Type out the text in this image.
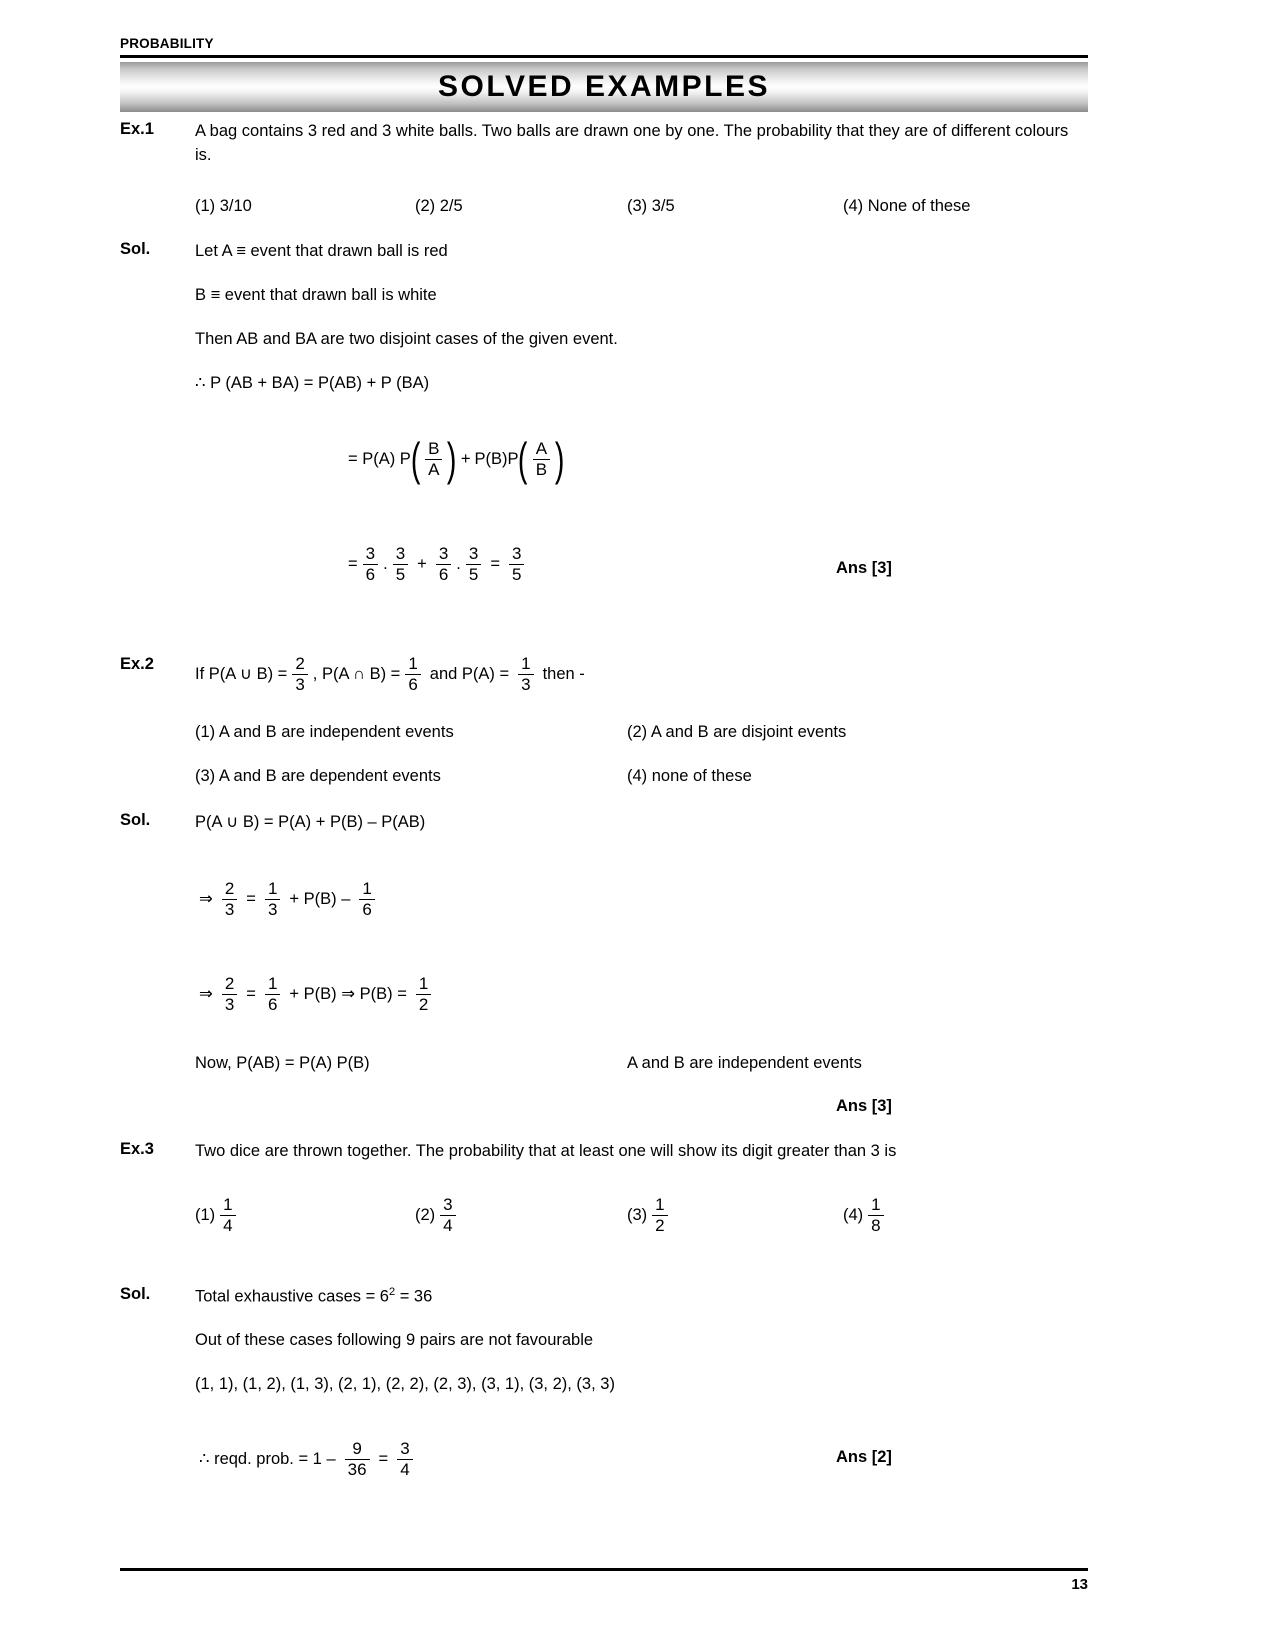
PROBABILITY
SOLVED EXAMPLES
Ex.1 A bag contains 3 red and 3 white balls. Two balls are drawn one by one. The probability that they are of different colours is.
(1) 3/10	(2) 2/5	(3) 3/5	(4) None of these
Sol.	Let A ≡ event that drawn ball is red
B ≡ event that drawn ball is white
Then AB and BA are two disjoint cases of the given event.
∴ P (AB + BA) = P(AB) + P (BA)
= P(A) P ( $\frac{B}{A}$ ) + P(B)P ( $\frac{A}{B}$ )
= $\frac{3}{6}$ . $\frac{3}{5} + \frac{3}{6}$ . $\frac{3}{5} = \frac{3}{5}$	Ans [3]
Ex.2
If P(A ∪ $B) = \frac{2}{3}$ , P(A ∩ $B) = \frac{1}{6}$ and $P(A) = \frac{1}{3}$ then -
(1) A and B are independent events	(2) A and B are disjoint events
(3) A and B are dependent events	(4) none of these
Sol.	P(A ∪ B) = P(A) + P(B) – P(AB)
⇒ $\frac{2}{3} = \frac{1}{3} + P(B) - \frac{1}{6}$
⇒ $\frac{2}{3} = \frac{1}{6} + P(B)$ ⇒ $P(B) = \frac{1}{2}$
Now, P(AB) = P(A) P(B)	A and B are independent events
Ans [3]
Ex.3 Two dice are thrown together. The probability that at least one will show its digit greater than 3 is
$(1) \frac{1}{4}$	$(2) \frac{3}{4}$	$(3) \frac{1}{2}$	$(4) \frac{1}{8}$
Sol.	Total exhaustive cases = $6^2 = 36$
Out of these cases following 9 pairs are not favourable
(1, 1), (1, 2), (1, 3), (2, 1), (2, 2), (2, 3), (3, 1), (3, 2), (3, 3)
∴ reqd. prob. = $1 - \frac{9}{36} = \frac{3}{4}$	Ans [2]
13
